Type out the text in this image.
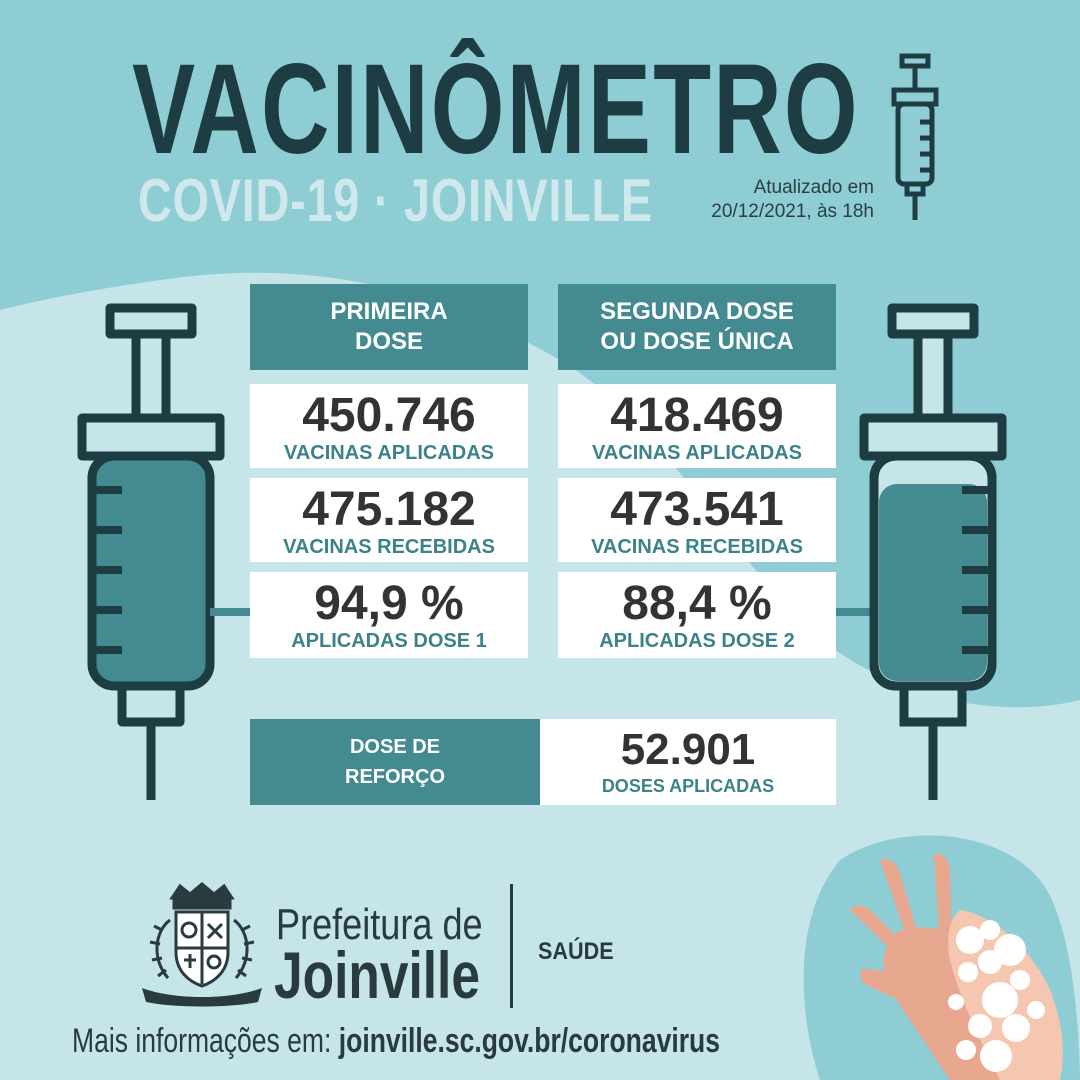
VACINÔMETRO
COVID-19 · JOINVILLE	Atualizado em
20/12/2021, às 18h
PRIMEIRA
DOSE
450.746
VACINAS APLICADAS
475.182
VACINAS RECEBIDAS
94,9 %
APLICADAS DOSE 1
SEGUNDA DOSE
OU DOSE ÚNICA
418.469
VACINAS APLICADAS
473.541
VACINAS RECEBIDAS
88,4 %
APLICADAS DOSE 2
DOSE DE
REFORÇO
52.901
DOSES APLICADAS
Prefeitura de
Joinville SAÚDE
Mais informações em: joinville.sc.gov.br/coronavirus
